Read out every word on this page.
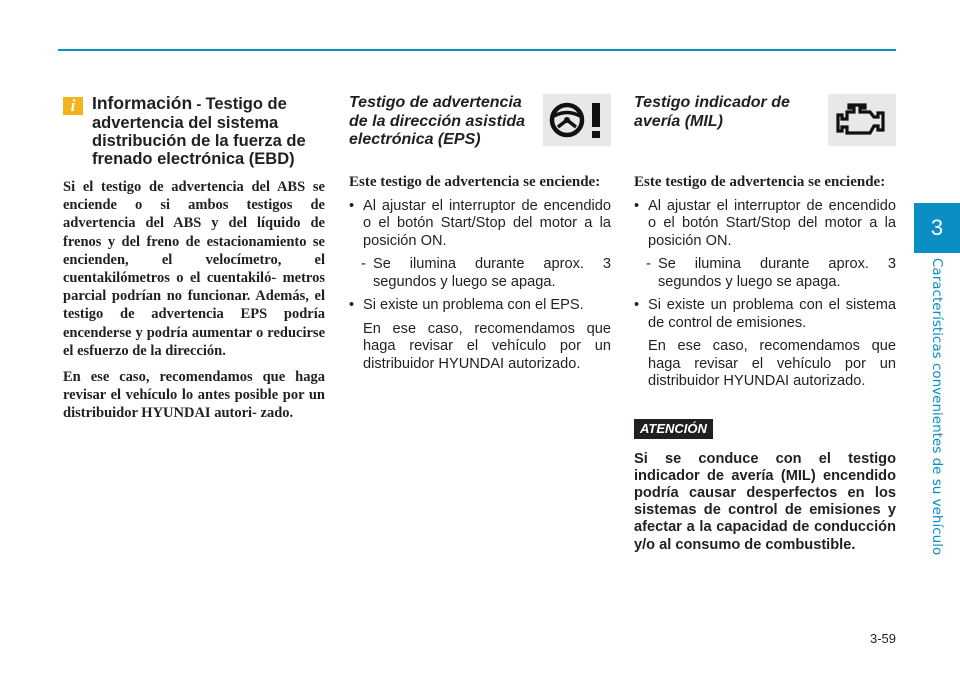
3
Características convenientes de su vehículo
i Información - Testigo de advertencia del sistema distribución de la fuerza de frenado electrónica (EBD)

Si el testigo de advertencia del ABS se enciende o si ambos testigos de advertencia del ABS y del líquido de frenos y del freno de estacionamiento se encienden, el velocímetro, el cuentakilómetros o el cuentakiló- metros parcial podrían no funcionar. Además, el testigo de advertencia EPS podría encenderse y podría aumentar o reducirse el esfuerzo de la dirección.

En ese caso, recomendamos que haga revisar el vehículo lo antes posible por un distribuidor HYUNDAI autori- zado.

Testigo de advertencia de la dirección asistida electrónica (EPS)
Este testigo de advertencia se enciende:
• Al ajustar el interruptor de encendido o el botón Start/Stop del motor a la posición ON.
- Se ilumina durante aprox. 3 segundos y luego se apaga.
• Si existe un problema con el EPS.
En ese caso, recomendamos que haga revisar el vehículo por un distribuidor HYUNDAI autorizado.
Testigo indicador de avería (MIL)
Este testigo de advertencia se enciende:
• Al ajustar el interruptor de encendido o el botón Start/Stop del motor a la posición ON.
- Se ilumina durante aprox. 3 segundos y luego se apaga.
• Si existe un problema con el sistema de control de emisiones.
En ese caso, recomendamos que haga revisar el vehículo por un distribuidor HYUNDAI autorizado.
ATENCIÓN
Si se conduce con el testigo indicador de avería (MIL) encendido podría causar desperfectos en los sistemas de control de emisiones y afectar a la capacidad de conducción y/o al consumo de combustible.
3-59
